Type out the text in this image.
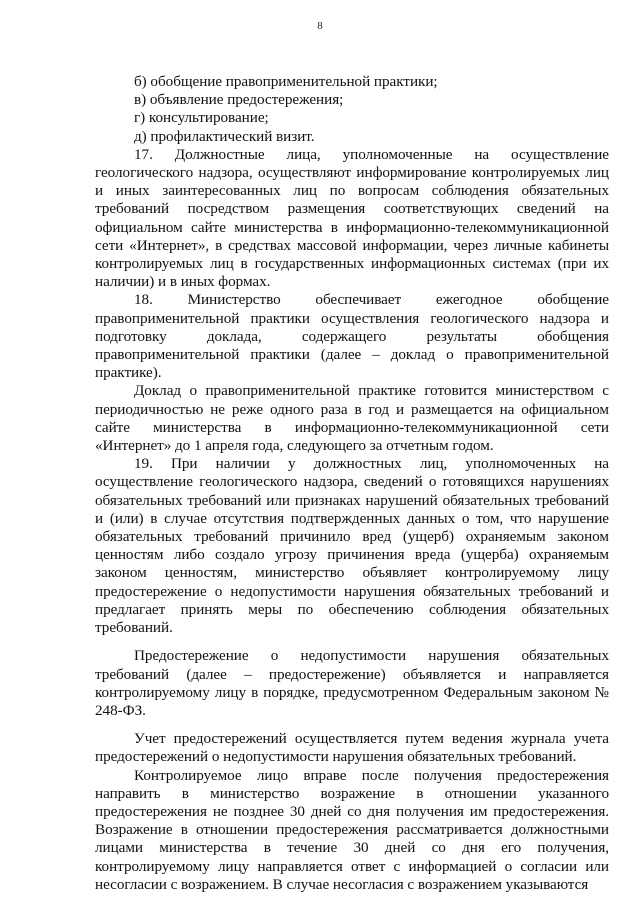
8

б) обобщение правоприменительной практики;

в) объявление предостережения;

г) консультирование;

д) профилактический визит.

17. Должностные лица, уполномоченные на осуществление геологического надзора, осуществляют информирование контролируемых лиц и иных заинтересованных лиц по вопросам соблюдения обязательных требований посредством размещения соответствующих сведений на официальном сайте министерства в информационно-телекоммуникационной сети «Интернет», в средствах массовой информации, через личные кабинеты контролируемых лиц в государственных информационных системах (при их наличии) и в иных формах.

18. Министерство обеспечивает ежегодное обобщение правоприменительной практики осуществления геологического надзора и подготовку доклада, содержащего результаты обобщения правоприменительной практики (далее – доклад о правоприменительной практике).

Доклад о правоприменительной практике готовится министерством с периодичностью не реже одного раза в год и размещается на официальном сайте министерства в информационно-телекоммуникационной сети «Интернет» до 1 апреля года, следующего за отчетным годом.

19. При наличии у должностных лиц, уполномоченных на осуществление геологического надзора, сведений о готовящихся нарушениях обязательных требований или признаках нарушений обязательных требований и (или) в случае отсутствия подтвержденных данных о том, что нарушение обязательных требований причинило вред (ущерб) охраняемым законом ценностям либо создало угрозу причинения вреда (ущерба) охраняемым законом ценностям, министерство объявляет контролируемому лицу предостережение о недопустимости нарушения обязательных требований и предлагает принять меры по обеспечению соблюдения обязательных требований.

Предостережение о недопустимости нарушения обязательных требований (далее – предостережение) объявляется и направляется контролируемому лицу в порядке, предусмотренном Федеральным законом № 248-ФЗ.

Учет предостережений осуществляется путем ведения журнала учета предостережений о недопустимости нарушения обязательных требований.

Контролируемое лицо вправе после получения предостережения направить в министерство возражение в отношении указанного предостережения не позднее 30 дней со дня получения им предостережения. Возражение в отношении предостережения рассматривается должностными лицами министерства в течение 30 дней со дня его получения, контролируемому лицу направляется ответ с информацией о согласии или несогласии с возражением. В случае несогласия с возражением указываются
